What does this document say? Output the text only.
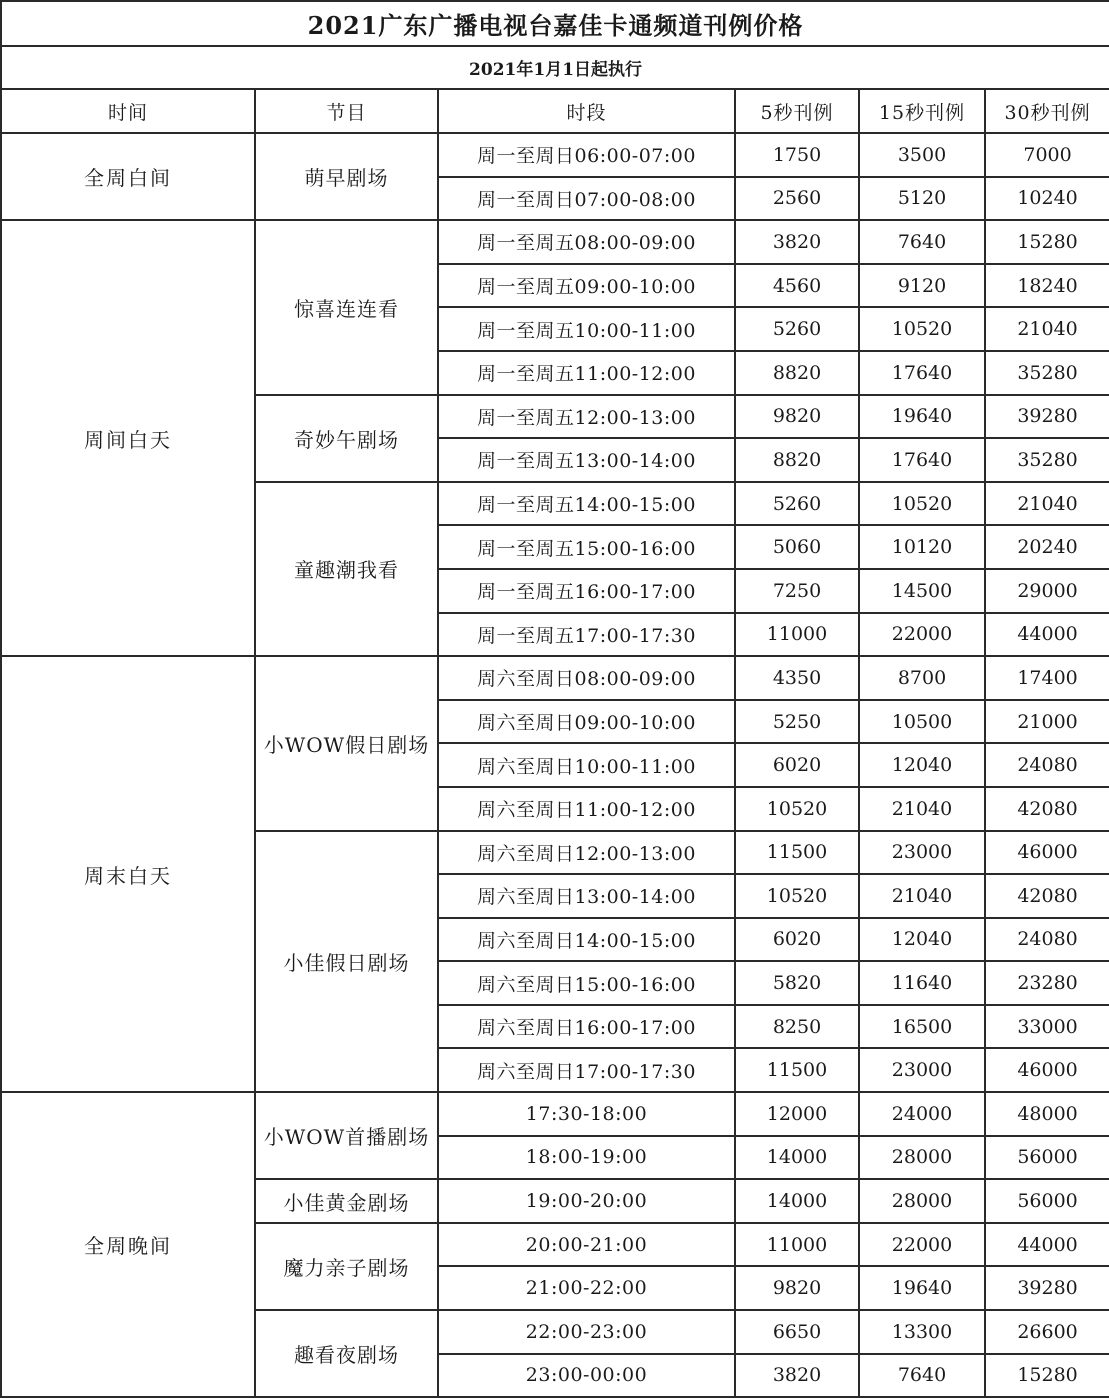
2021广东广播电视台嘉佳卡通频道刊例价格					
2021年1月1日起执行					
时间	节目	时段	5秒刊例	15秒刊例	30秒刊例
全周白间	萌早剧场	周一至周日06:00-07:00	1750	3500	7000
		周一至周日07:00-08:00	2560	5120	10240
周间白天	惊喜连连看	周一至周五08:00-09:00	3820	7640	15280
		周一至周五09:00-10:00	4560	9120	18240
		周一至周五10:00-11:00	5260	10520	21040
		周一至周五11:00-12:00	8820	17640	35280
	奇妙午剧场	周一至周五12:00-13:00	9820	19640	39280
		周一至周五13:00-14:00	8820	17640	35280
	童趣潮我看	周一至周五14:00-15:00	5260	10520	21040
		周一至周五15:00-16:00	5060	10120	20240
		周一至周五16:00-17:00	7250	14500	29000
		周一至周五17:00-17:30	11000	22000	44000
周末白天	小WOW假日剧场	周六至周日08:00-09:00	4350	8700	17400
		周六至周日09:00-10:00	5250	10500	21000
		周六至周日10:00-11:00	6020	12040	24080
		周六至周日11:00-12:00	10520	21040	42080
	小佳假日剧场	周六至周日12:00-13:00	11500	23000	46000
		周六至周日13:00-14:00	10520	21040	42080
		周六至周日14:00-15:00	6020	12040	24080
		周六至周日15:00-16:00	5820	11640	23280
		周六至周日16:00-17:00	8250	16500	33000
		周六至周日17:00-17:30	11500	23000	46000
全周晚间	小WOW首播剧场	17:30-18:00	12000	24000	48000
		18:00-19:00	14000	28000	56000
	小佳黄金剧场	19:00-20:00	14000	28000	56000
	魔力亲子剧场	20:00-21:00	11000	22000	44000
		21:00-22:00	9820	19640	39280
	趣看夜剧场	22:00-23:00	6650	13300	26600
		23:00-00:00	3820	7640	15280
